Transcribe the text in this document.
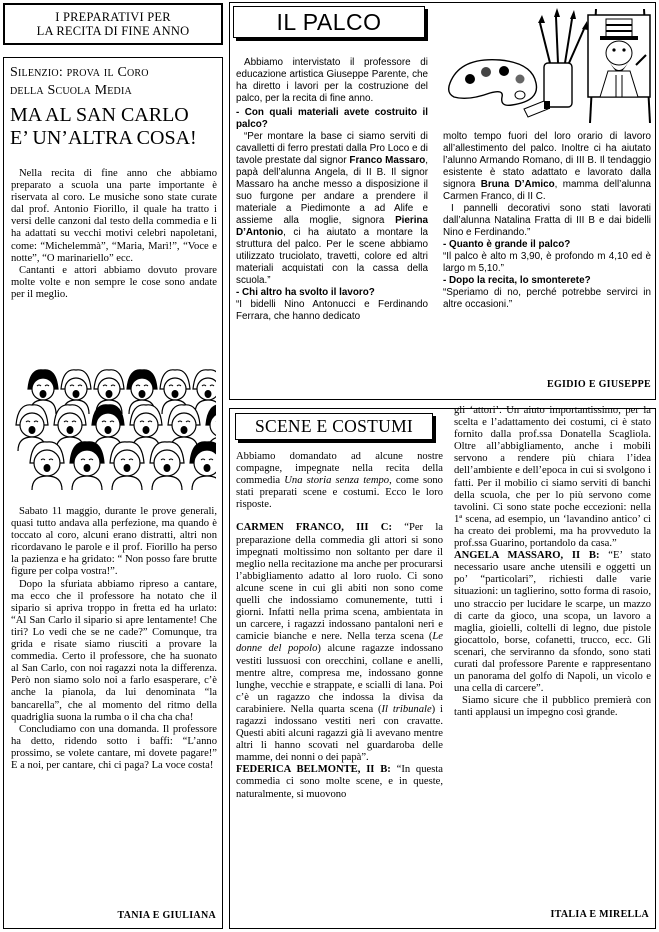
I PREPARATIVI PER
LA RECITA DI FINE ANNO
Silenzio: prova il Coro
della Scuola Media
MA AL SAN CARLO
E’ UN’ALTRA COSA!

Nella recita di fine anno che abbiamo preparato a scuola una parte importante è riservata al coro. Le musiche sono state curate dal prof. Antonio Fiorillo, il quale ha tratto i versi delle canzoni dal testo della commedia e li ha adattati su vecchi motivi celebri napoletani, come: “Michelemmà”, “Maria, Marì!”, “Voce e notte”, “O marinariello” ecc.

Cantanti e attori abbiamo dovuto provare molte volte e non sempre le cose sono andate per il meglio.

Sabato 11 maggio, durante le prove generali, quasi tutto andava alla perfezione, ma quando è toccato al coro, alcuni erano distratti, altri non ricordavano le parole e il prof. Fiorillo ha perso la pazienza e ha gridato: “ Non posso fare brutte figure per colpa vostra!”.

Dopo la sfuriata abbiamo ripreso a cantare, ma ecco che il professore ha notato che il sipario si apriva troppo in fretta ed ha urlato: “Al San Carlo il sipario si apre lentamente! Che tiri? Lo vedi che se ne cade?” Comunque, tra grida e risate siamo riusciti a provare la commedia. Certo il professore, che ha suonato al San Carlo, con noi ragazzi nota la differenza. Però non siamo solo noi a farlo esasperare, c’è anche la pianola, da lui denominata “la bancarella”, che al momento del ritmo della quadriglia suona la rumba o il cha cha cha!

Concludiamo con una domanda. Il professore ha detto, ridendo sotto i baffi: “L’anno prossimo, se volete cantare, mi dovete pagare!” E a noi, per cantare, chi ci paga? La voce costa!

TANIA E GIULIANA
IL PALCO

Abbiamo intervistato il professore di educazione artistica Giuseppe Parente, che ha diretto i lavori per la costruzione del palco, per la recita di fine anno.

- Con quali materiali avete costruito il palco?

“Per montare la base ci siamo serviti di cavalletti di ferro prestati dalla Pro Loco e di tavole prestate dal signor Franco Massaro, papà dell’alunna Angela, di II B. Il signor Massaro ha anche messo a disposizione il suo furgone per andare a prendere il materiale a Piedimonte a ad Alife e assieme alla moglie, signora Pierina D’Antonio, ci ha aiutato a montare la struttura del palco. Per le scene abbiamo utilizzato truciolato, travetti, colore ed altri materiali acquistati con la cassa della scuola.”

- Chi altro ha svolto il lavoro?

“I bidelli Nino Antonucci e Ferdinando Ferrara, che hanno dedicato

molto tempo fuori del loro orario di lavoro all’allestimento del palco. Inoltre ci ha aiutato l’alunno Armando Romano, di III B. Il tendaggio esistente è stato adattato e lavorato dalla signora Bruna D’Amico, mamma dell’alunna Carmen Franco, di II C.

I pannelli decorativi sono stati lavorati dall’alunna Natalina Fratta di III B e dai bidelli Nino e Ferdinando.”

- Quanto è grande il palco?

“Il palco è alto m 3,90, è profondo m 4,10 ed è largo m 5,10.”

- Dopo la recita, lo smonterete?

“Speriamo di no, perché potrebbe servirci in altre occasioni.”

EGIDIO E GIUSEPPE
SCENE E COSTUMI

Abbiamo domandato ad alcune nostre compagne, impegnate nella recita della commedia Una storia senza tempo, come sono stati preparati scene e costumi. Ecco le loro risposte.

CARMEN FRANCO, III C: “Per la preparazione della commedia gli attori si sono impegnati moltissimo non soltanto per dare il meglio nella recitazione ma anche per procurarsi l’abbigliamento adatto al loro ruolo. Ci sono alcune scene in cui gli abiti non sono come quelli che indossiamo comunemente, tutti i giorni. Infatti nella prima scena, ambientata in un carcere, i ragazzi indossano pantaloni neri e camicie bianche e nere. Nella terza scena (Le donne del popolo) alcune ragazze indossano vestiti lussuosi con orecchini, collane e anelli, mentre altre, compresa me, indossano gonne lunghe, vecchie e strappate, e scialli di lana. Poi c’è un ragazzo che indossa la divisa da carabiniere. Nella quarta scena (Il tribunale) i ragazzi indossano vestiti neri con cravatte. Questi abiti alcuni ragazzi già li avevano mentre altri li hanno scovati nel guardaroba delle mamme, dei nonni o dei papà”.

FEDERICA BELMONTE, II B: “In questa commedia ci sono molte scene, e in queste, naturalmente, si muovono

gli ‘attori’. Un aiuto importantissimo, per la scelta e l’adattamento dei costumi, ci è stato fornito dalla prof.ssa Donatella Scagliola. Oltre all’abbigliamento, anche i mobili servono a rendere più chiara l’idea dell’ambiente e dell’epoca in cui si svolgono i fatti. Per il mobilio ci siamo serviti di banchi della scuola, che per lo più servono come tavolini. Ci sono state poche eccezioni: nella 1ª scena, ad esempio, un ‘lavandino antico’ ci ha creato dei problemi, ma ha provveduto la prof.ssa Guarino, portandolo da casa.”

ANGELA MASSARO, II B: “E’ stato necessario usare anche utensili e oggetti un po’ “particolari”, richiesti dalle varie situazioni: un taglierino, sotto forma di rasoio, uno straccio per lucidare le scarpe, un mazzo di carte da gioco, una scopa, un lavoro a maglia, gioielli, coltelli di legno, due pistole giocattolo, borse, cofanetti, trucco, ecc. Gli scenari, che serviranno da sfondo, sono stati curati dal professore Parente e rappresentano un panorama del golfo di Napoli, un vicolo e una cella di carcere”.

Siamo sicure che il pubblico premierà con tanti applausi un impegno così grande.

ITALIA E MIRELLA
